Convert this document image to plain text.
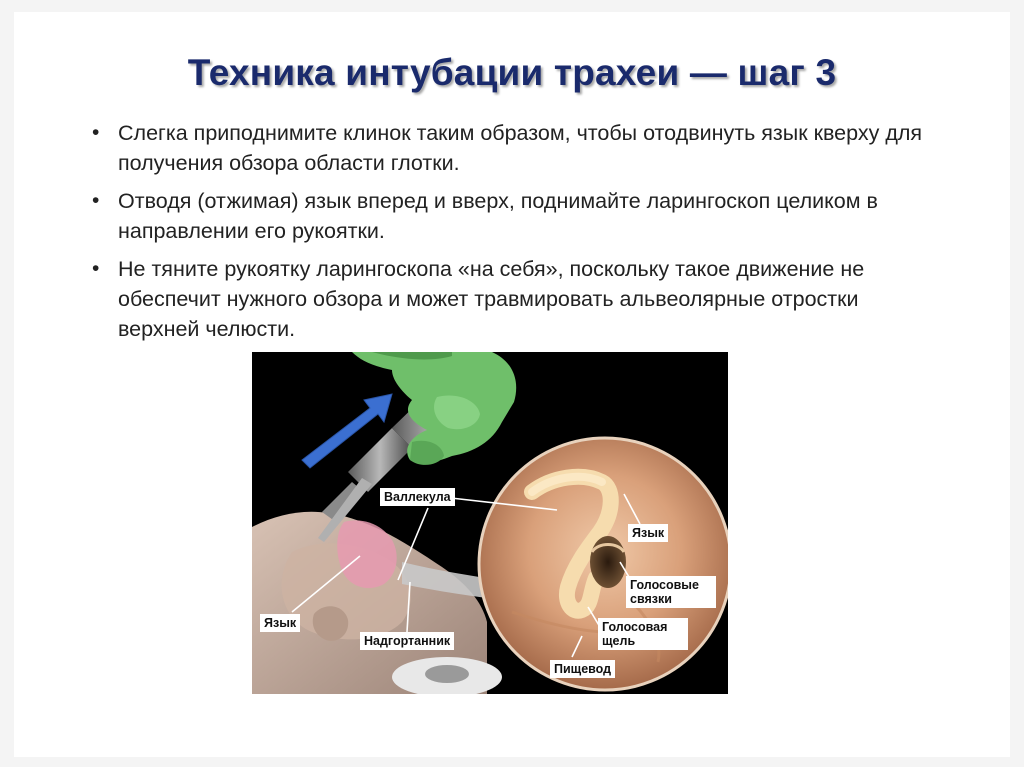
Техника интубации трахеи — шаг 3
• Слегка приподнимите клинок таким образом, чтобы отодвинуть язык кверху для получения обзора области глотки.
• Отводя (отжимая) язык вперед и вверх, поднимайте ларингоскоп целиком в направлении его рукоятки.
• Не тяните рукоятку ларингоскопа «на себя», поскольку такое движение не обеспечит нужного обзора и может травмировать альвеолярные отростки верхней челюсти.
Валлекула
Язык
Надгортанник
Язык
Голосовые
связки
Голосовая
щель
Пищевод
